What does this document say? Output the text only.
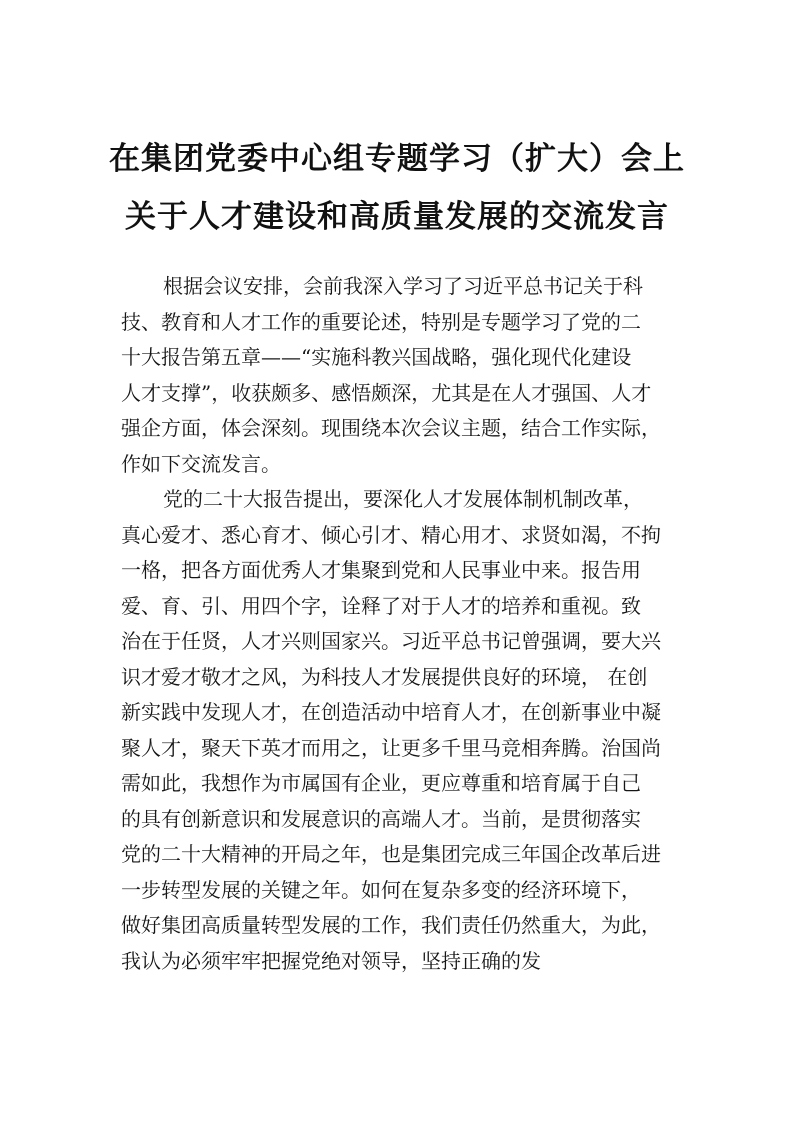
在集团党委中心组专题学习（扩大）会上
关于人才建设和高质量发展的交流发言
根据会议安排，会前我深入学习了习近平总书记关于科
技、教育和人才工作的重要论述，特别是专题学习了党的二
十大报告第五章——“实施科教兴国战略，强化现代化建设
人才支撑”，收获颇多、感悟颇深，尤其是在人才强国、人才
强企方面，体会深刻。现围绕本次会议主题，结合工作实际，
作如下交流发言。
党的二十大报告提出，要深化人才发展体制机制改革，
真心爱才、悉心育才、倾心引才、精心用才、求贤如渴，不拘
一格，把各方面优秀人才集聚到党和人民事业中来。报告用
爱、育、引、用四个字，诠释了对于人才的培养和重视。致
治在于任贤，人才兴则国家兴。习近平总书记曾强调，要大兴
识才爱才敬才之风，为科技人才发展提供良好的环境， 在创
新实践中发现人才，在创造活动中培育人才，在创新事业中凝
聚人才，聚天下英才而用之，让更多千里马竞相奔腾。治国尚
需如此，我想作为市属国有企业，更应尊重和培育属于自己
的具有创新意识和发展意识的高端人才。当前，是贯彻落实
党的二十大精神的开局之年，也是集团完成三年国企改革后进
一步转型发展的关键之年。如何在复杂多变的经济环境下，
做好集团高质量转型发展的工作，我们责任仍然重大，为此，
我认为必须牢牢把握党绝对领导，坚持正确的发
